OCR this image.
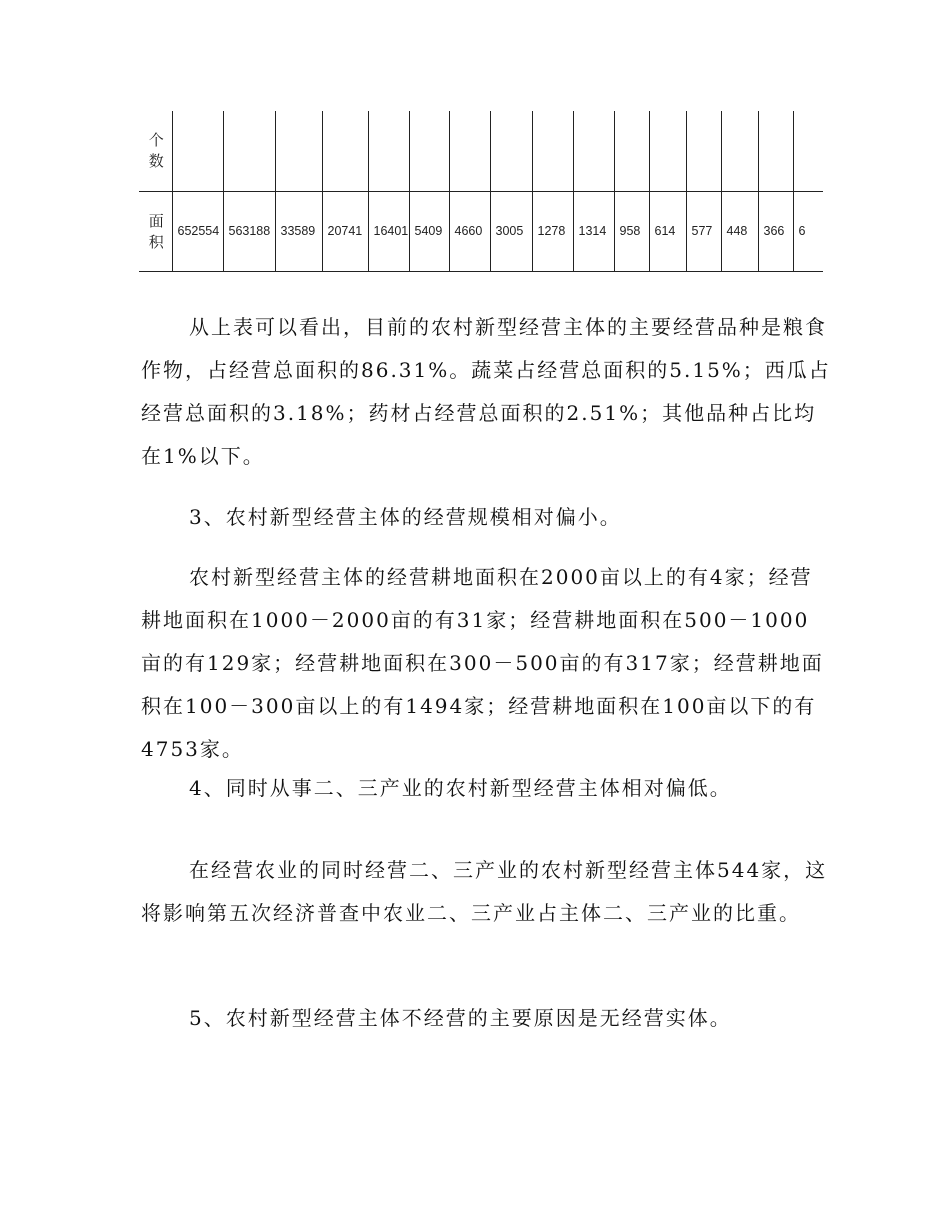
个数	

面积	652554	563188	33589	20741	16401	5409	4660	3005	1278	1314	958	614	577	448	366	6

从上表可以看出，目前的农村新型经营主体的主要经营品种是粮食作物，占经营总面积的86.31%。蔬菜占经营总面积的5.15%；西瓜占经营总面积的3.18%；药材占经营总面积的2.51%；其他品种占比均在1%以下。

3、农村新型经营主体的经营规模相对偏小。

农村新型经营主体的经营耕地面积在2000亩以上的有4家；经营耕地面积在1000－2000亩的有31家；经营耕地面积在500－1000亩的有129家；经营耕地面积在300－500亩的有317家；经营耕地面积在100－300亩以上的有1494家；经营耕地面积在100亩以下的有4753家。

4、同时从事二、三产业的农村新型经营主体相对偏低。

在经营农业的同时经营二、三产业的农村新型经营主体544家，这将影响第五次经济普查中农业二、三产业占主体二、三产业的比重。

5、农村新型经营主体不经营的主要原因是无经营实体。
